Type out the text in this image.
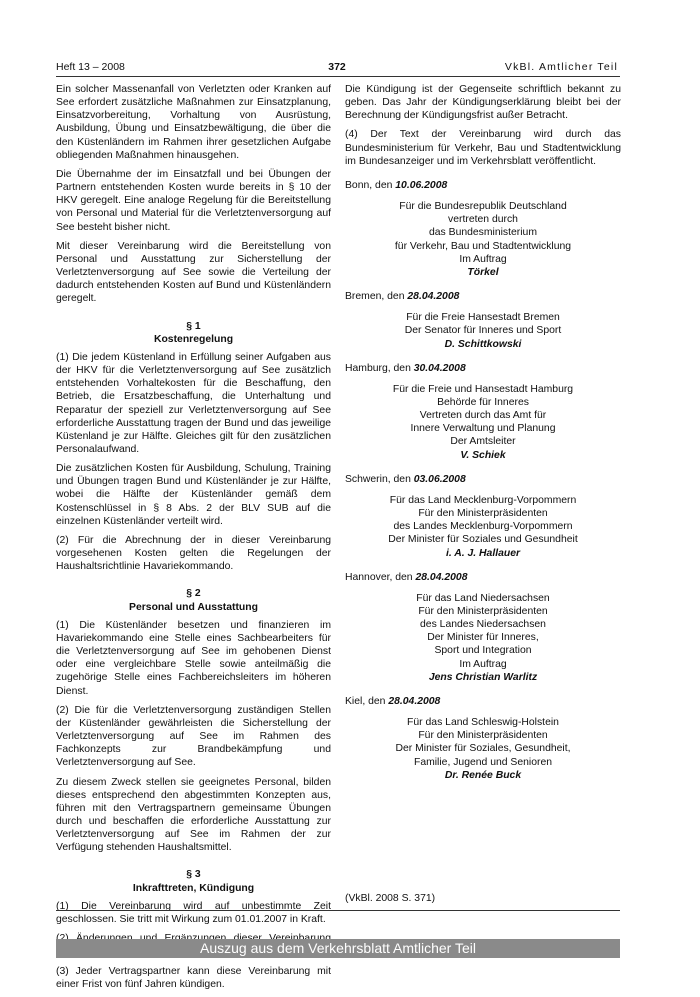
Heft 13 – 2008	372	VkBl. Amtlicher Teil

Ein solcher Massenanfall von Verletzten oder Kranken auf See erfordert zusätzliche Maßnahmen zur Einsatzplanung, Einsatzvorbereitung, Vorhaltung von Ausrüstung, Ausbildung, Übung und Einsatzbewältigung, die über die den Küstenländern im Rahmen ihrer gesetzlichen Aufgabe obliegenden Maßnahmen hinausgehen.

Die Übernahme der im Einsatzfall und bei Übungen der Partnern entstehenden Kosten wurde bereits in § 10 der HKV geregelt. Eine analoge Regelung für die Bereitstellung von Personal und Material für die Verletztenversorgung auf See besteht bisher nicht.

Mit dieser Vereinbarung wird die Bereitstellung von Personal und Ausstattung zur Sicherstellung der Verletztenversorgung auf See sowie die Verteilung der dadurch entstehenden Kosten auf Bund und Küstenländern geregelt.

§ 1
Kostenregelung

(1) Die jedem Küstenland in Erfüllung seiner Aufgaben aus der HKV für die Verletztenversorgung auf See zusätzlich entstehenden Vorhaltekosten für die Beschaffung, den Betrieb, die Ersatzbeschaffung, die Unterhaltung und Reparatur der speziell zur Verletztenversorgung auf See erforderliche Ausstattung tragen der Bund und das jeweilige Küstenland je zur Hälfte. Gleiches gilt für den zusätzlichen Personalaufwand.

Die zusätzlichen Kosten für Ausbildung, Schulung, Training und Übungen tragen Bund und Küstenländer je zur Hälfte, wobei die Hälfte der Küstenländer gemäß dem Kostenschlüssel in § 8 Abs. 2 der BLV SUB auf die einzelnen Küstenländer verteilt wird.

(2) Für die Abrechnung der in dieser Vereinbarung vorgesehenen Kosten gelten die Regelungen der Haushaltsrichtlinie Havariekommando.

§ 2
Personal und Ausstattung

(1) Die Küstenländer besetzen und finanzieren im Havariekommando eine Stelle eines Sachbearbeiters für die Verletztenversorgung auf See im gehobenen Dienst oder eine vergleichbare Stelle sowie anteilmäßig die zugehörige Stelle eines Fachbereichsleiters im höheren Dienst.

(2) Die für die Verletztenversorgung zuständigen Stellen der Küstenländer gewährleisten die Sicherstellung der Verletztenversorgung auf See im Rahmen des Fachkonzepts zur Brandbekämpfung und Verletztenversorgung auf See.

Zu diesem Zweck stellen sie geeignetes Personal, bilden dieses entsprechend den abgestimmten Konzepten aus, führen mit den Vertragspartnern gemeinsame Übungen durch und beschaffen die erforderliche Ausstattung zur Verletztenversorgung auf See im Rahmen der zur Verfügung stehenden Haushaltsmittel.

§ 3
Inkrafttreten, Kündigung

(1) Die Vereinbarung wird auf unbestimmte Zeit geschlossen. Sie tritt mit Wirkung zum 01.01.2007 in Kraft.

(3) Jeder Vertragspartner kann diese Vereinbarung mit einer Frist von fünf Jahren kündigen.

Die Kündigung ist der Gegenseite schriftlich bekannt zu geben. Das Jahr der Kündigungserklärung bleibt bei der Berechnung der Kündigungsfrist außer Betracht.

(4) Der Text der Vereinbarung wird durch das Bundesministerium für Verkehr, Bau und Stadtentwicklung im Bundesanzeiger und im Verkehrsblatt veröffentlicht.

Bonn, den 10.06.2008
Für die Bundesrepublik Deutschland
vertreten durch
das Bundesministerium
für Verkehr, Bau und Stadtentwicklung
Im Auftrag
Törkel
Bremen, den 28.04.2008
Für die Freie Hansestadt Bremen
Der Senator für Inneres und Sport
D. Schittkowski
Hamburg, den 30.04.2008
Für die Freie und Hansestadt Hamburg
Behörde für Inneres
Vertreten durch das Amt für
Innere Verwaltung und Planung
Der Amtsleiter
V. Schiek
Schwerin, den 03.06.2008
Für das Land Mecklenburg-Vorpommern
Für den Ministerpräsidenten
des Landes Mecklenburg-Vorpommern
Der Minister für Soziales und Gesundheit
i. A. J. Hallauer
Hannover, den 28.04.2008
Für das Land Niedersachsen
Für den Ministerpräsidenten
des Landes Niedersachsen
Der Minister für Inneres,
Sport und Integration
Im Auftrag
Jens Christian Warlitz
Kiel, den 28.04.2008
Für das Land Schleswig-Holstein
Für den Ministerpräsidenten
Der Minister für Soziales, Gesundheit,
Familie, Jugend und Senioren
Dr. Renée Buck
(VkBl. 2008 S. 371)
Auszug aus dem Verkehrsblatt Amtlicher Teil
